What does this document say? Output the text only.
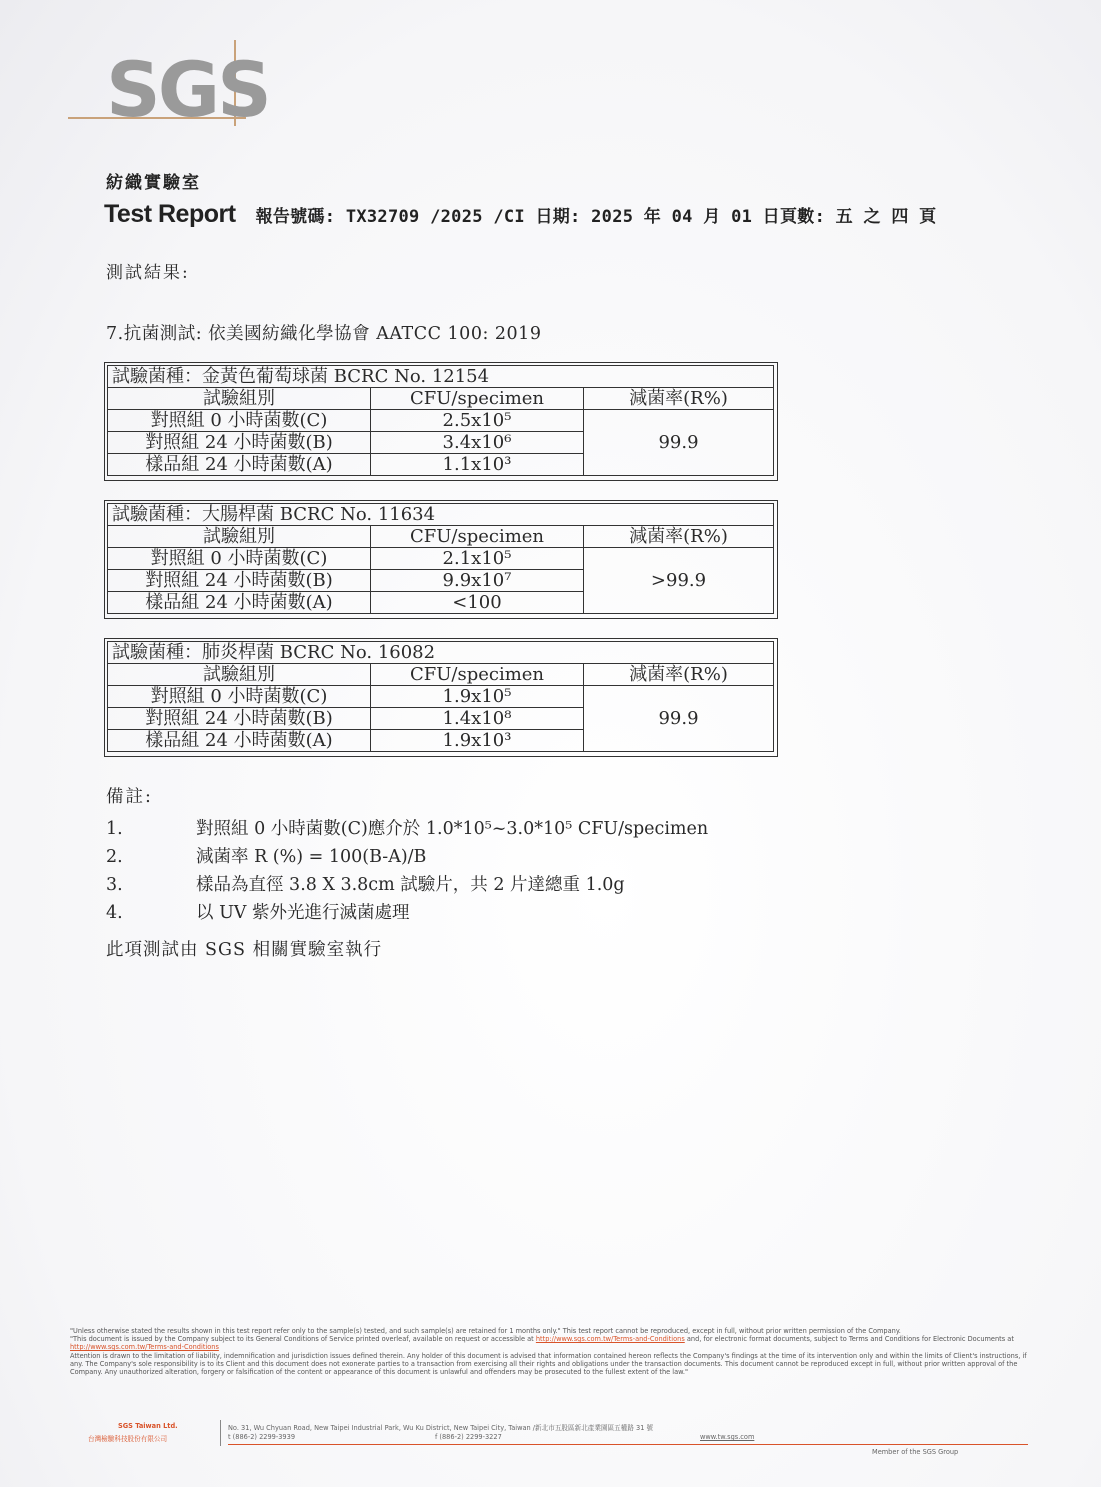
SGS
紡織實驗室
Test Report 報告號碼: TX32709 /2025 /CI 日期: 2025 年 04 月 01 日頁數: 五 之 四 頁
測試結果:
7.抗菌測試: 依美國紡織化學協會 AATCC 100: 2019
試驗菌種：金黃色葡萄球菌 BCRC No. 12154		
試驗組別	CFU/specimen	減菌率(R%)
對照組 0 小時菌數(C)	2.5x10⁵	99.9
對照組 24 小時菌數(B)	3.4x10⁶	
樣品組 24 小時菌數(A)	1.1x10³	
試驗菌種：大腸桿菌 BCRC No. 11634		
試驗組別	CFU/specimen	減菌率(R%)
對照組 0 小時菌數(C)	2.1x10⁵	>99.9
對照組 24 小時菌數(B)	9.9x10⁷	
樣品組 24 小時菌數(A)	<100	
試驗菌種：肺炎桿菌 BCRC No. 16082		
試驗組別	CFU/specimen	減菌率(R%)
對照組 0 小時菌數(C)	1.9x10⁵	99.9
對照組 24 小時菌數(B)	1.4x10⁸	
樣品組 24 小時菌數(A)	1.9x10³	
備註:
1.	對照組 0 小時菌數(C)應介於 1.0*10⁵~3.0*10⁵ CFU/specimen
2.	減菌率 R (%) = 100(B-A)/B
3.	樣品為直徑 3.8 X 3.8cm 試驗片，共 2 片達總重 1.0g
4.	以 UV 紫外光進行滅菌處理
此項測試由 SGS 相關實驗室執行
"Unless otherwise stated the results shown in this test report refer only to the sample(s) tested, and such sample(s) are retained for 1 months only." This test report cannot be reproduced, except in full, without prior written permission of the Company.
"This document is issued by the Company subject to its General Conditions of Service printed overleaf, available on request or accessible at http://www.sgs.com.tw/Terms-and-Conditions and, for electronic format documents, subject to Terms and Conditions for Electronic Documents at http://www.sgs.com.tw/Terms-and-Conditions
Attention is drawn to the limitation of liability, indemnification and jurisdiction issues defined therein. Any holder of this document is advised that information contained hereon reflects the Company's findings at the time of its intervention only and within the limits of Client's instructions, if any. The Company's sole responsibility is to its Client and this document does not exonerate parties to a transaction from exercising all their rights and obligations under the transaction documents. This document cannot be reproduced except in full, without prior written approval of the Company. Any unauthorized alteration, forgery or falsification of the content or appearance of this document is unlawful and offenders may be prosecuted to the fullest extent of the law."
SGS Taiwan Ltd.
台灣檢驗科技股份有限公司
No. 31, Wu Chyuan Road, New Taipei Industrial Park, Wu Ku District, New Taipei City, Taiwan /新北市五股區新北產業園區五權路 31 號
t (886-2) 2299-3939	f (886-2) 2299-3227	www.tw.sgs.com
Member of the SGS Group
